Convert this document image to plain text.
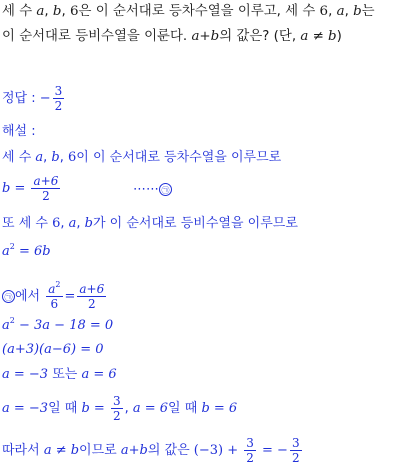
세 수 a, b, 6은 이 순서대로 등차수열을 이루고, 세 수 6, a, b는
이 순서대로 등비수열을 이룬다. a+b의 값은? (단, a ≠ b)
정답 : − $\frac{3}{2}$
해설 :
세 수 a, b, 6이 이 순서대로 등차수열을 이루므로
$b = \frac{a+6}{2}$	⋯⋯ ㉠
또 세 수 6, a, b가 이 순서대로 등비수열을 이루므로
$a^2 = 6b$
㉠ 에서 $\frac{a^2}{6} = \frac{a+6}{2}$
$a^2 - 3a - 18 = 0$
(a+3)(a−6) = 0
a = −3 또는 a = 6
a = −3일 때 $b = \frac{3}{2}$ , a = 6일 때 b = 6
따라서 a ≠ b이므로 a+b의 값은 $(-3) + \frac{3}{2}$ = − $\frac{3}{2}$
